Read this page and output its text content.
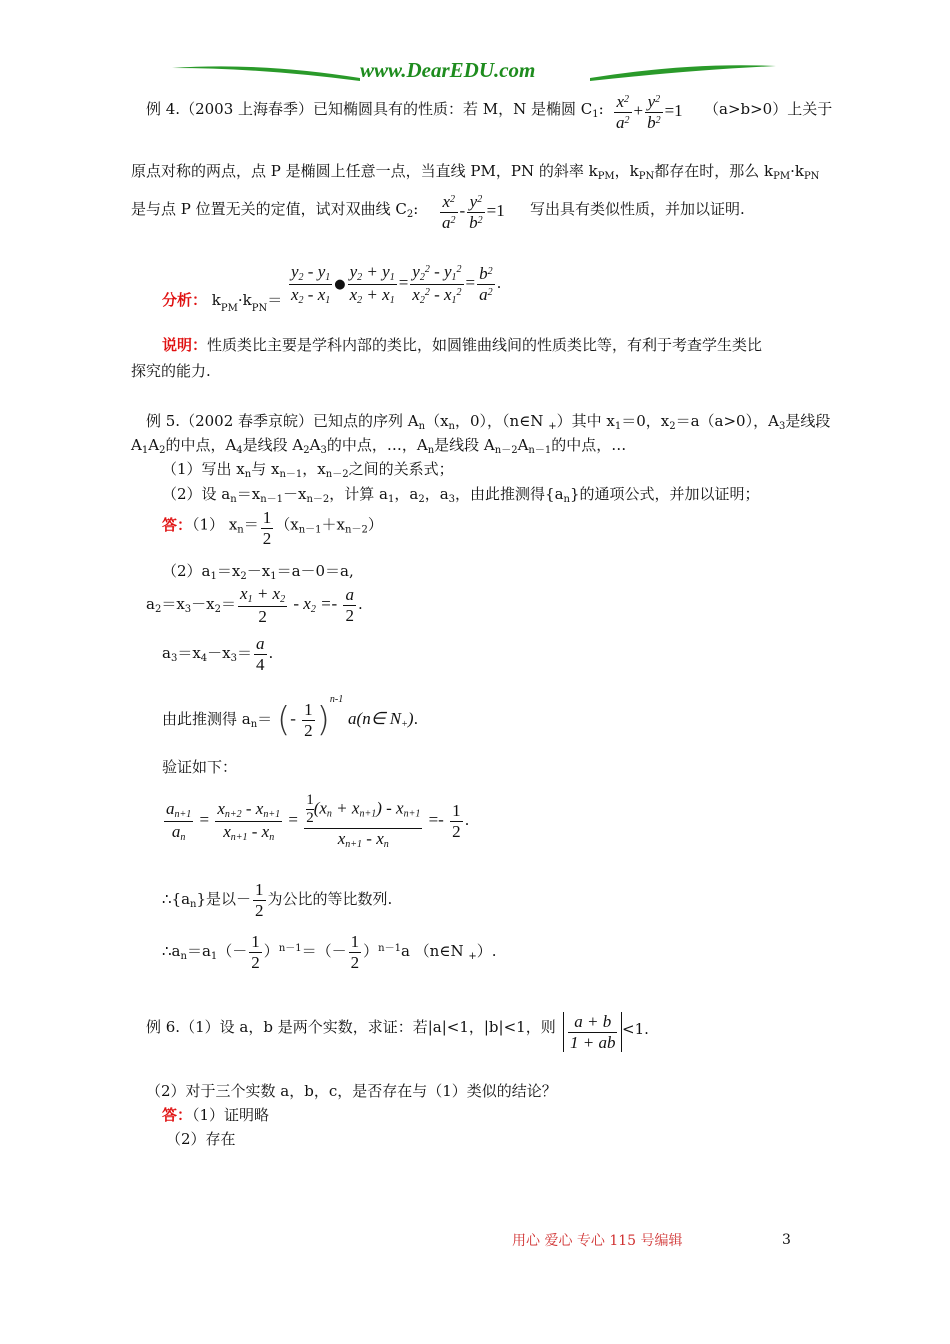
www.DearEDU.com
例 4.（2003 上海春季）已知椭圆具有的性质：若 M，N 是椭圆 $C_1$: $\frac{x^2}{a^2} + \frac{y^2}{b^2} =1$ （a>b>0）上关于
原点对称的两点，点 P 是椭圆上任意一点，当直线 PM，PN 的斜率 $k_{PM}$，$k_{PN}$都存在时，那么 $k_{PM}\cdot k_{PN}$
是与点 P 位置无关的定值，试对双曲线 $C_2$: $\frac{x^2}{a^2} - \frac{y^2}{b^2} =1$ 写出具有类似性质，并加以证明.
分析： $k_{PM}\cdot k_{PN}= \frac{y_2 - y_1}{x_2 - x_1}$ ● $\frac{y_2 + y_1}{x_2 + x_1} = \frac{y_2^2 - y_1^2}{x_2^2 - x_1^2} = \frac{b^2}{a^2}$ .
说明：性质类比主要是学科内部的类比，如圆锥曲线间的性质类比等，有利于考查学生类比
探究的能力.
例 5.（2002 春季京皖）已知点的序列 $A_n(x_n$，0），（n∈N $_+$）其中 $x_1=0$，$x_2=a(a>0)$，$A_3$是线段
$A_1A_2$的中点，$A_4$是线段 $A_2A_3$的中点，…，$A_n$是线段 $A_{n-2}A_{n-1}$的中点，…
（1）写出 $x_n$与 $x_{n-1}$，$x_{n-2}$之间的关系式；
（2）设 $a_n=x_{n-1}-x_{n-2}$，计算 $a_1$，$a_2$，$a_3$，由此推测得$\{a_n\}$的通项公式，并加以证明；
答：（1） $x_n= \frac{1}{2} (x_{n-1}+x_{n-2})$
$(2)a_1=x_2-x_1=a-0=a$,
$a_2=x_3-x_2= \frac{x_1 + x_2}{2} - x_2 =- \frac{a}{2}$ .
$a_3=x_4-x_3= \frac{a}{4}$ .
由此推测得 $a_n=$ (- $\frac{1}{2} )^{n-1}$ a(n∈ $N_+$).
验证如下：
$\frac{a_{n+1}}{a_n} = \frac{x_{n+2} - x_{n+1}}{x_{n+1} - x_n} = \frac{\frac{1}{2} (x_n + x_{n+1}) - x_{n+1}}{x_{n+1} - x_n} =- \frac{1}{2}$ .
$\therefore\{a_n\}$是以－ $\frac{1}{2}$ 为公比的等比数列.
$\therefore a_n=a_1(- \frac{1}{2} )^{n-1}=(- \frac{1}{2} )^{n-1}a$ （n∈N $_+$）.
例 6.（1）设 a，b 是两个实数，求证：若|a|<1，|b|<1，则 $\frac{a + b}{1 + ab} <1$.
（2）对于三个实数 a，b，c，是否存在与（1）类似的结论？
答：（1）证明略
（2）存在
用心 爱心 专心 115 号编辑	3
